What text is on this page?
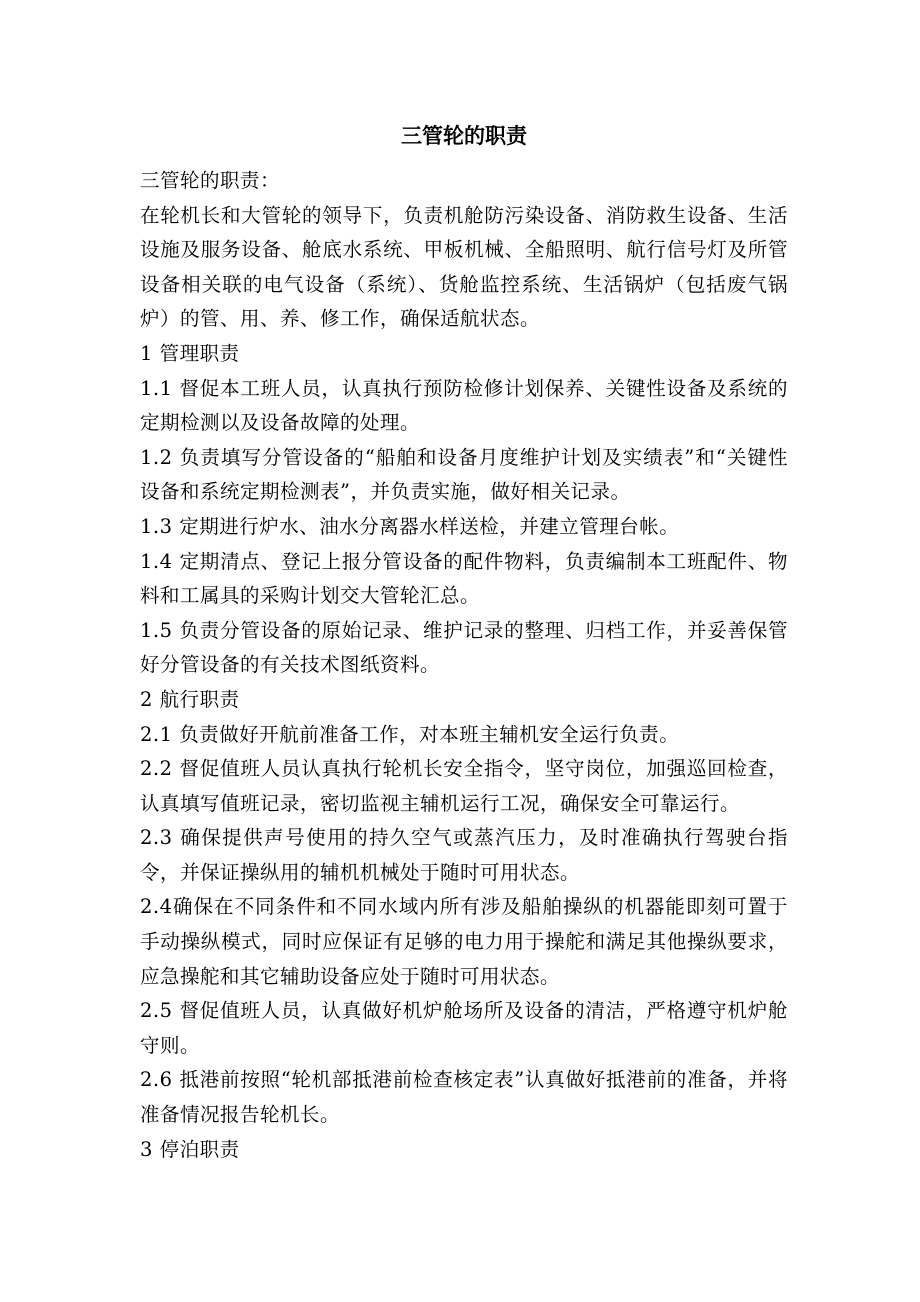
三管轮的职责

三管轮的职责：

在轮机长和大管轮的领导下，负责机舱防污染设备、消防救生设备、生活设施及服务设备、舱底水系统、甲板机械、全船照明、航行信号灯及所管设备相关联的电气设备（系统）、货舱监控系统、生活锅炉（包括废气锅炉）的管、用、养、修工作，确保适航状态。

1 管理职责

1.1 督促本工班人员，认真执行预防检修计划保养、关键性设备及系统的定期检测以及设备故障的处理。

1.2 负责填写分管设备的“船舶和设备月度维护计划及实绩表”和“关键性设备和系统定期检测表”，并负责实施，做好相关记录。

1.3 定期进行炉水、油水分离器水样送检，并建立管理台帐。

1.4 定期清点、登记上报分管设备的配件物料，负责编制本工班配件、物料和工属具的采购计划交大管轮汇总。

1.5 负责分管设备的原始记录、维护记录的整理、归档工作，并妥善保管好分管设备的有关技术图纸资料。

2 航行职责

2.1 负责做好开航前准备工作，对本班主辅机安全运行负责。

2.2 督促值班人员认真执行轮机长安全指令，坚守岗位，加强巡回检查，认真填写值班记录，密切监视主辅机运行工况，确保安全可靠运行。

2.3 确保提供声号使用的持久空气或蒸汽压力，及时准确执行驾驶台指令，并保证操纵用的辅机机械处于随时可用状态。

2.4确保在不同条件和不同水域内所有涉及船舶操纵的机器能即刻可置于手动操纵模式，同时应保证有足够的电力用于操舵和满足其他操纵要求，应急操舵和其它辅助设备应处于随时可用状态。

2.5 督促值班人员，认真做好机炉舱场所及设备的清洁，严格遵守机炉舱守则。

2.6 抵港前按照“轮机部抵港前检查核定表”认真做好抵港前的准备，并将准备情况报告轮机长。

3 停泊职责
